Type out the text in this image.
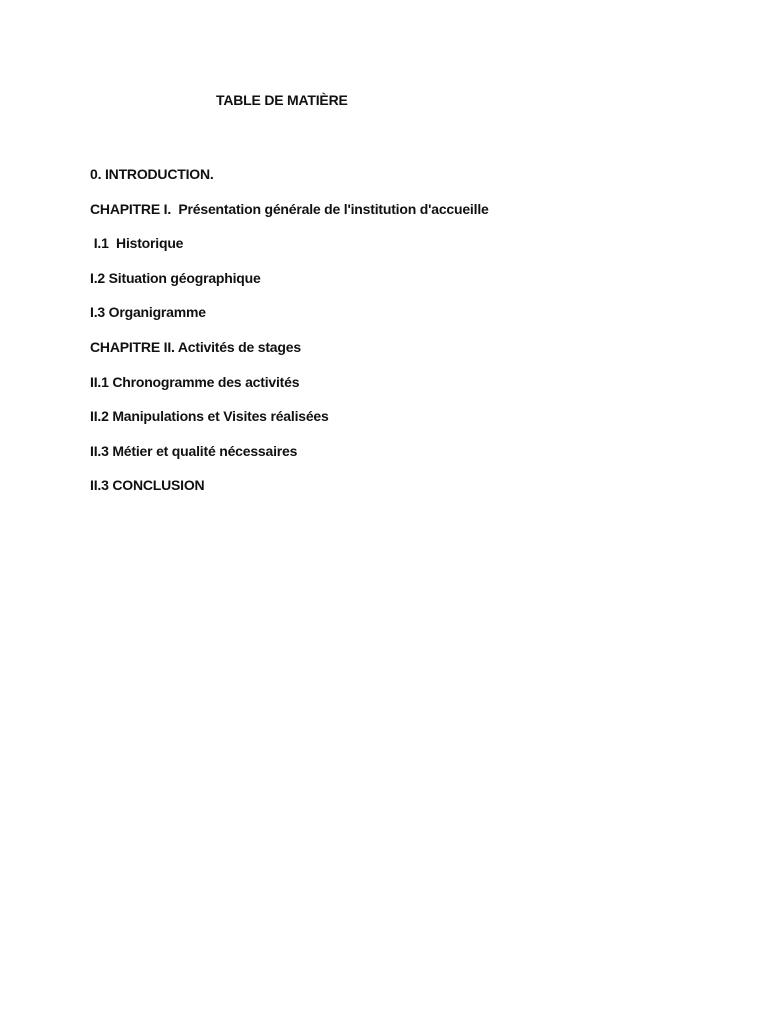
TABLE DE MATIÈRE
0. INTRODUCTION.
CHAPITRE I.  Présentation générale de l'institution d'accueille
I.1  Historique
I.2 Situation géographique
I.3 Organigramme
CHAPITRE II. Activités de stages
II.1 Chronogramme des activités
II.2 Manipulations et Visites réalisées
II.3 Métier et qualité nécessaires
II.3 CONCLUSION
